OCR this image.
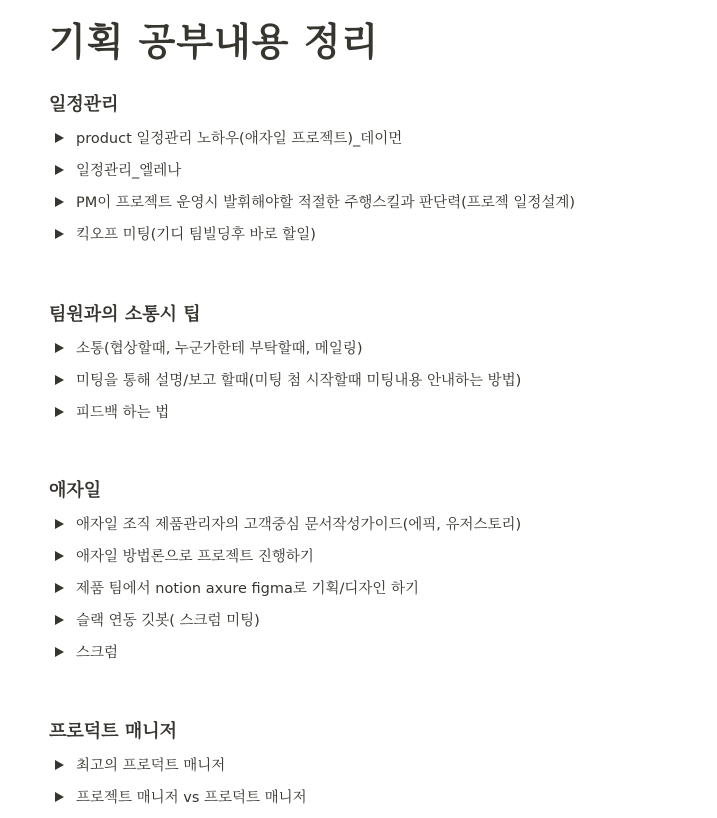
기획 공부내용 정리
일정관리
product 일정관리 노하우(애자일 프로젝트)_데이먼
일정관리_엘레나
PM이 프로젝트 운영시 발휘해야할 적절한 주행스킬과 판단력(프로젝 일정설계)
킥오프 미팅(기디 팀빌딩후 바로 할일)
팀원과의 소통시 팁
소통(협상할때, 누군가한테 부탁할때, 메일링)
미팅을 통해 설명/보고 할때(미팅 첨 시작할때 미팅내용 안내하는 방법)
피드백 하는 법
애자일
애자일 조직 제품관리자의 고객중심 문서작성가이드(에픽, 유저스토리)
애자일 방법론으로 프로젝트 진행하기
제품 팀에서 notion axure figma로 기획/디자인 하기
슬랙 연동 깃봇( 스크럼 미팅)
스크럼
프로덕트 매니저
최고의 프로덕트 매니저
프로젝트 매니저 vs 프로덕트 매니저
